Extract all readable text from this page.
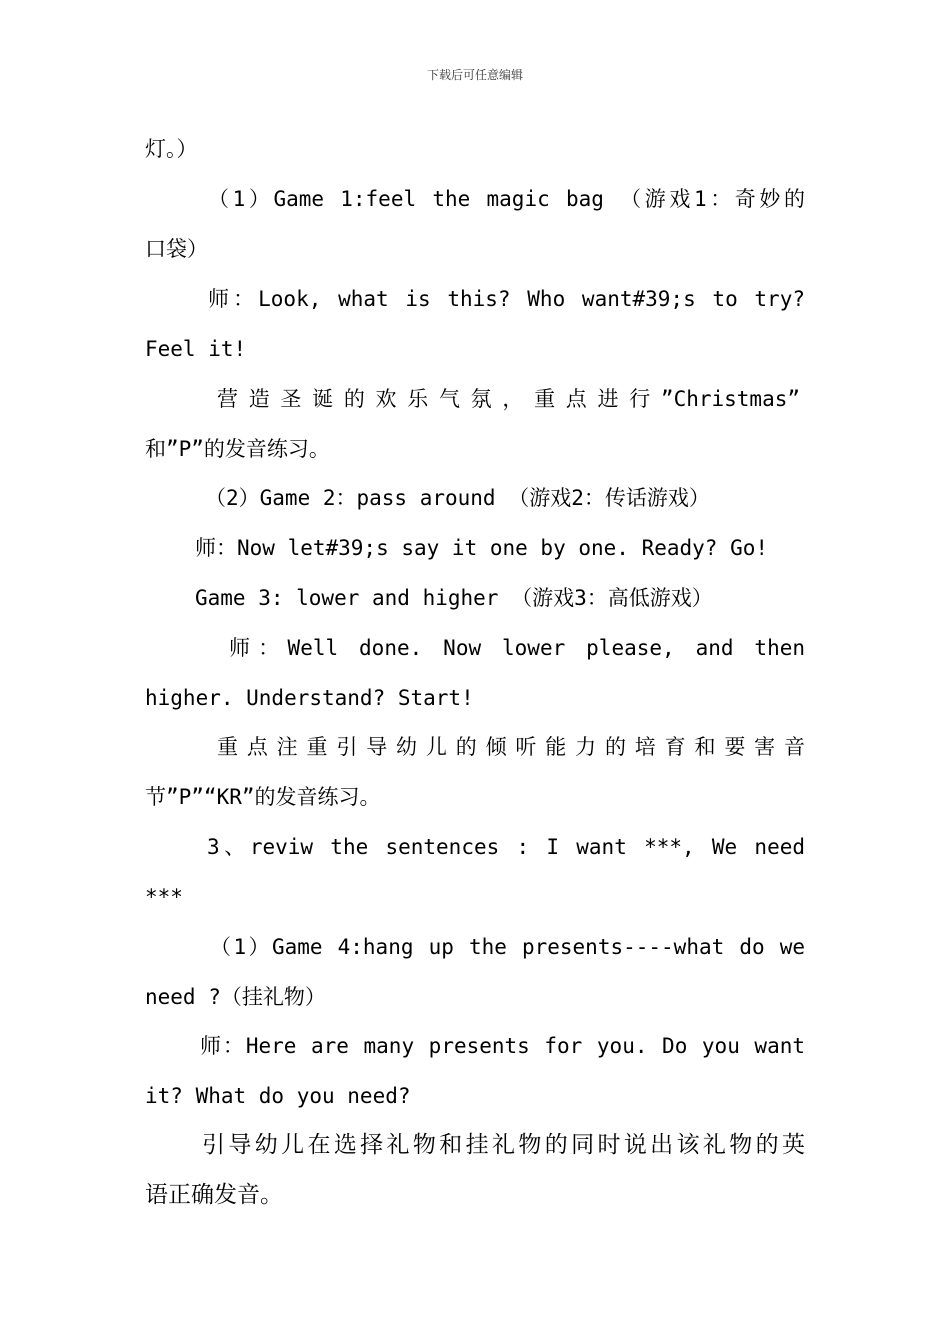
下载后可任意编辑
灯。）
（1）Game 1:feel the magic bag （游戏1：奇妙的
口袋）
师：Look, what is this? Who want#39;s to try?
Feel it!
营造圣诞的欢乐气氛，重点进行”Christmas”
和”P”的发音练习。
（2）Game 2：pass around （游戏2：传话游戏）
师：Now let#39;s say it one by one. Ready? Go!
Game 3: lower and higher （游戏3：高低游戏）
师：Well done. Now lower please, and then
higher. Understand? Start!
重点注重引导幼儿的倾听能力的培育和要害音
节”P”“KR”的发音练习。
3、reviw the sentences : I want ***, We need
***
（1）Game 4:hang up the presents----what do we
need ?（挂礼物）
师：Here are many presents for you. Do you want
it? What do you need?
引导幼儿在选择礼物和挂礼物的同时说出该礼物的英
语正确发音。
